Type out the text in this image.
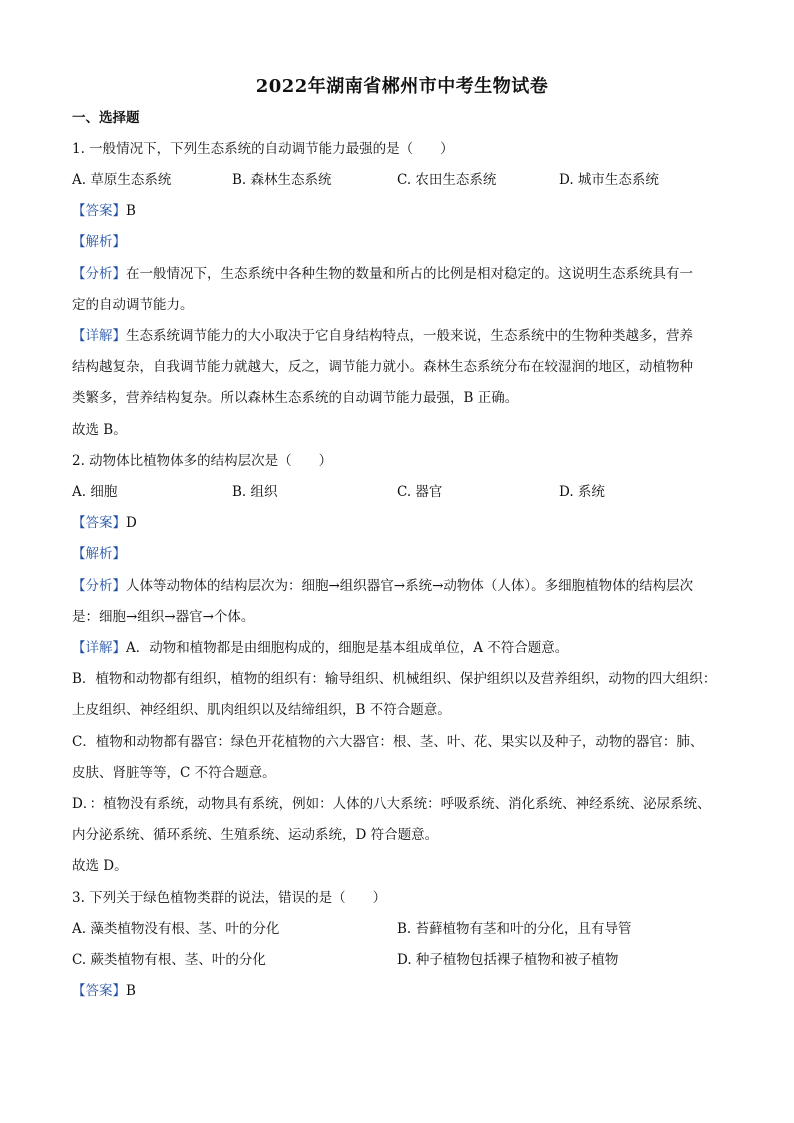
2022年湖南省郴州市中考生物试卷
一、选择题
1. 一般情况下，下列生态系统的自动调节能力最强的是（　　）
A. 草原生态系统	B. 森林生态系统	C. 农田生态系统	D. 城市生态系统
【答案】B
【解析】
【分析】在一般情况下，生态系统中各种生物的数量和所占的比例是相对稳定的。这说明生态系统具有一
定的自动调节能力。
【详解】生态系统调节能力的大小取决于它自身结构特点，一般来说，生态系统中的生物种类越多，营养
结构越复杂，自我调节能力就越大，反之，调节能力就小。森林生态系统分布在较湿润的地区，动植物种
类繁多，营养结构复杂。所以森林生态系统的自动调节能力最强，B 正确。
故选 B。
2. 动物体比植物体多的结构层次是（　　）
A. 细胞	B. 组织	C. 器官	D. 系统
【答案】D
【解析】
【分析】人体等动物体的结构层次为：细胞→组织器官→系统→动物体（人体）。多细胞植物体的结构层次
是：细胞→组织→器官→个体。
【详解】A．动物和植物都是由细胞构成的，细胞是基本组成单位，A 不符合题意。
B．植物和动物都有组织，植物的组织有：输导组织、机械组织、保护组织以及营养组织，动物的四大组织：
上皮组织、神经组织、肌肉组织以及结缔组织，B 不符合题意。
C．植物和动物都有器官：绿色开花植物的六大器官：根、茎、叶、花、果实以及种子，动物的器官：肺、
皮肤、肾脏等等，C 不符合题意。
D．：植物没有系统，动物具有系统，例如：人体的八大系统：呼吸系统、消化系统、神经系统、泌尿系统、
内分泌系统、循环系统、生殖系统、运动系统，D 符合题意。
故选 D。
3. 下列关于绿色植物类群的说法，错误的是（　　）
A. 藻类植物没有根、茎、叶的分化	B. 苔藓植物有茎和叶的分化，且有导管
C. 蕨类植物有根、茎、叶的分化	D. 种子植物包括裸子植物和被子植物
【答案】B
